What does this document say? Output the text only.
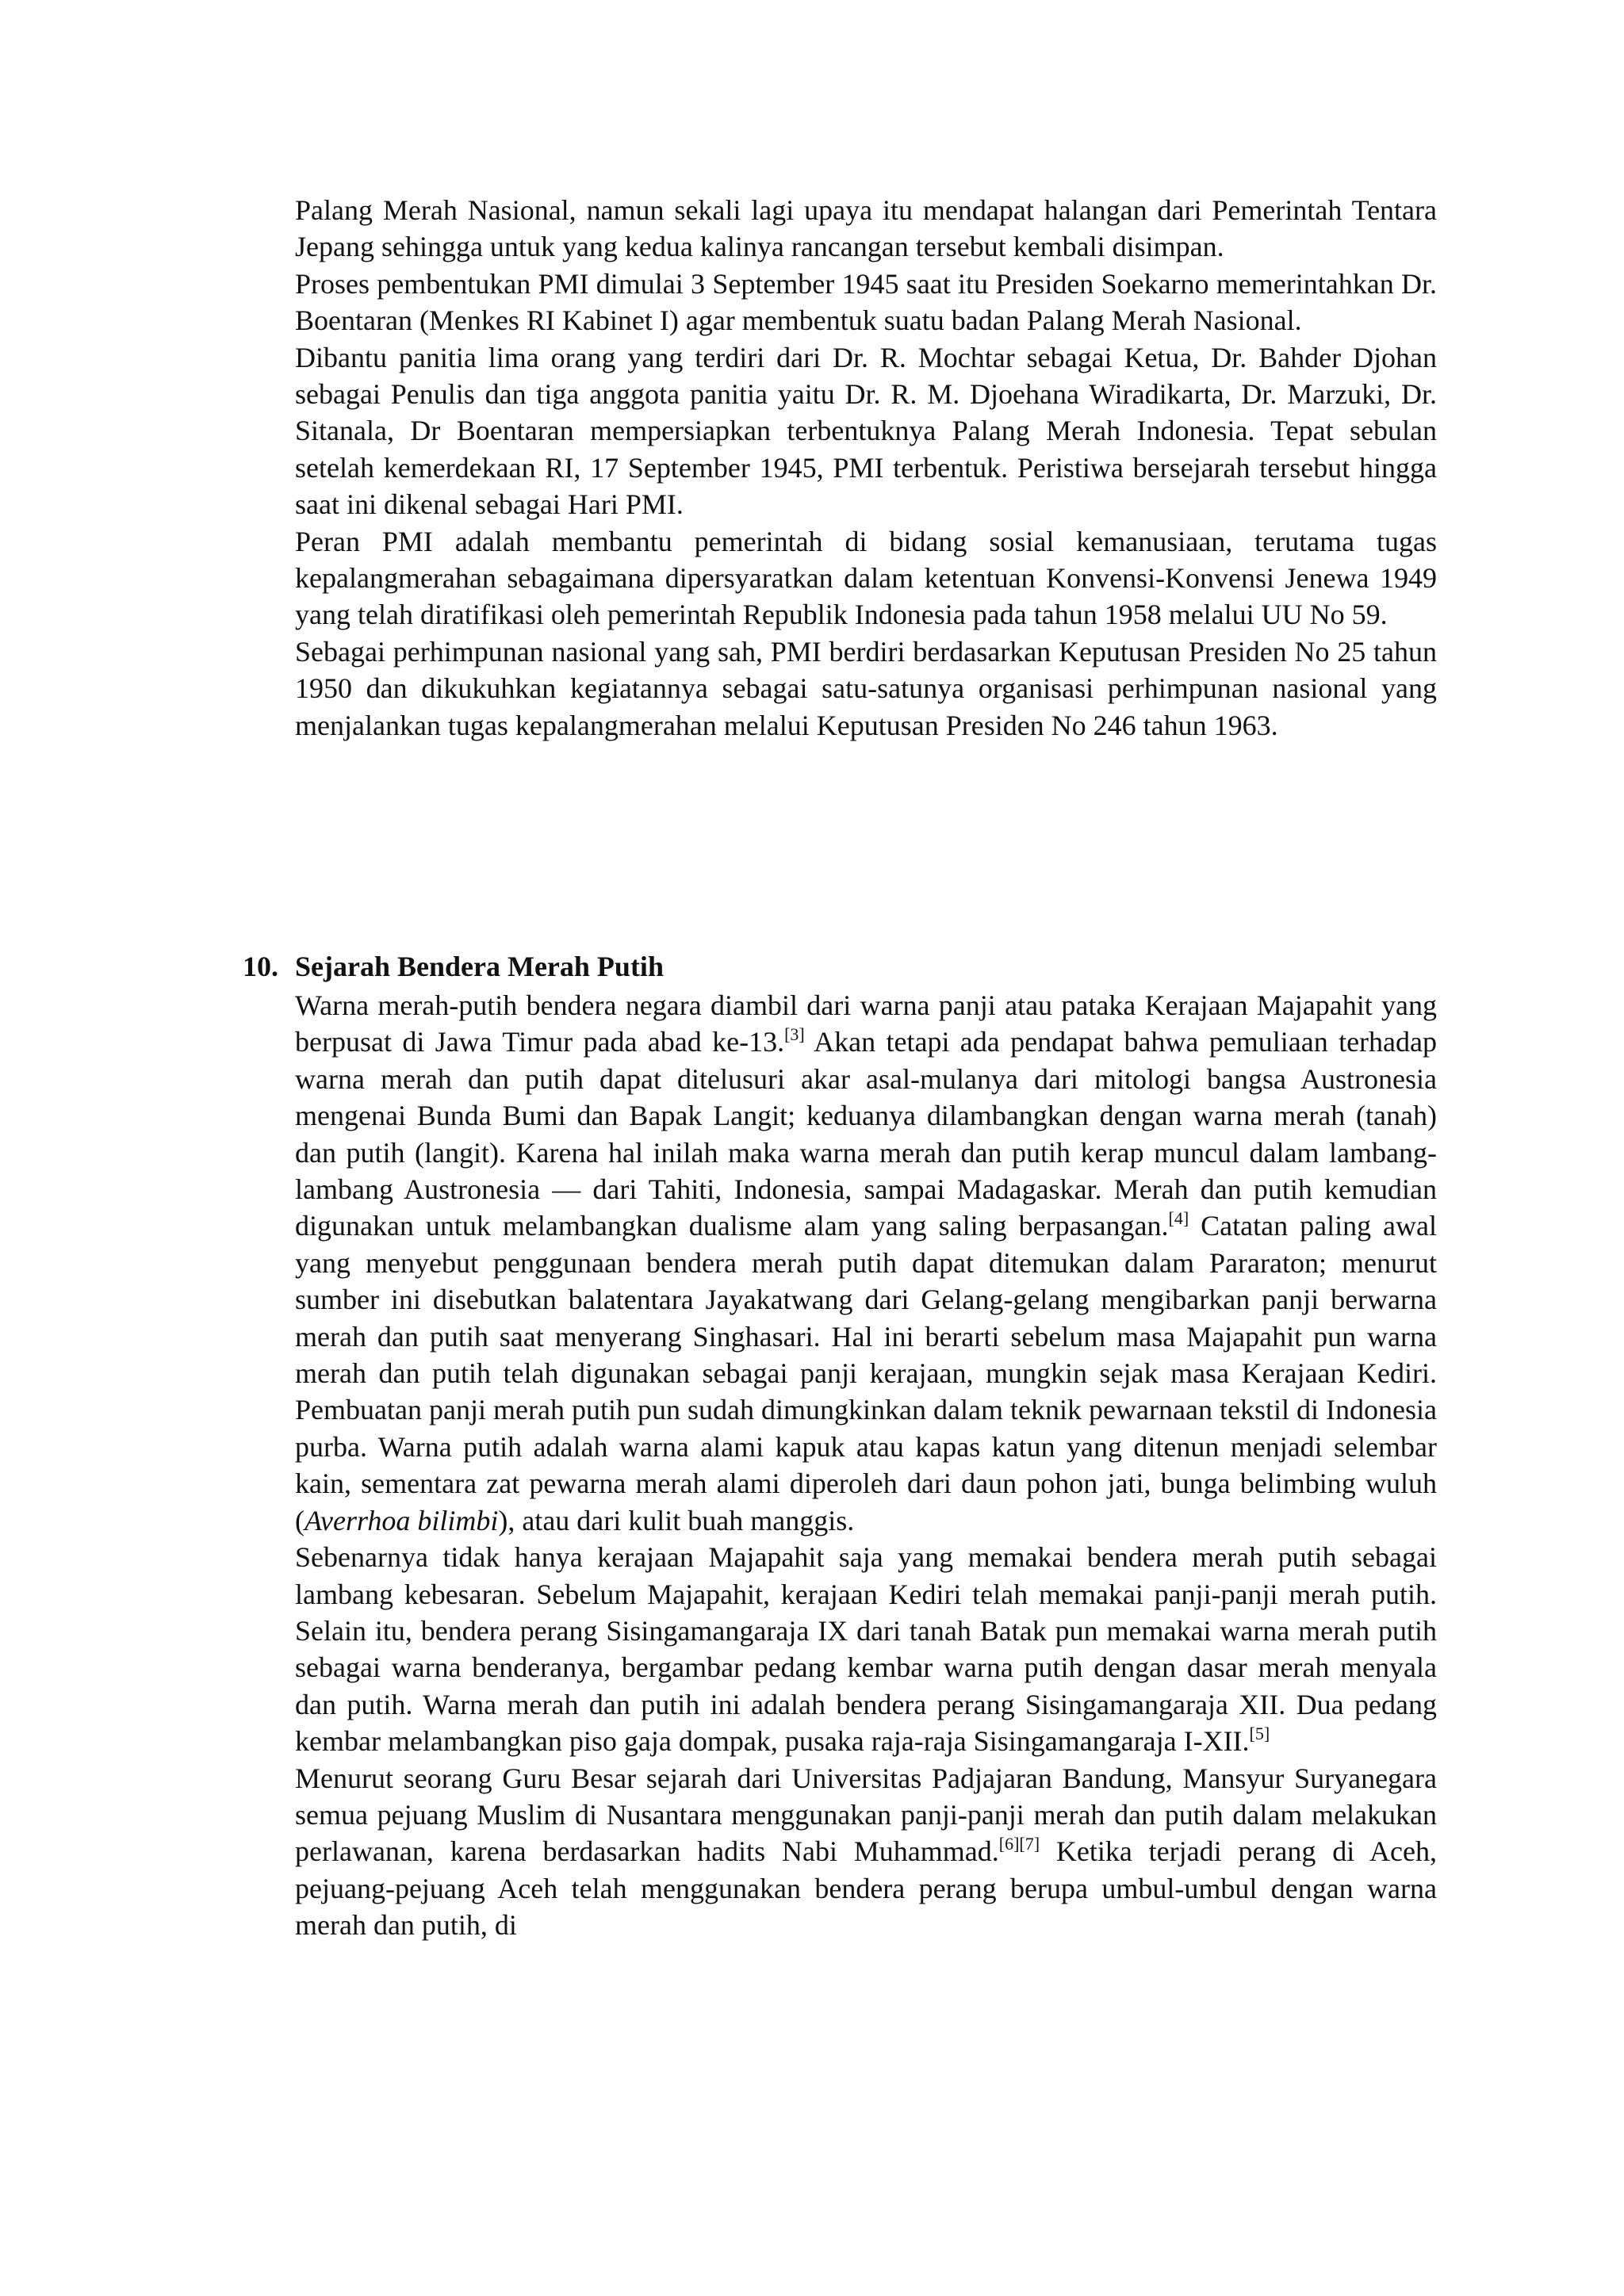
Palang Merah Nasional, namun sekali lagi upaya itu mendapat halangan dari Pemerintah Tentara Jepang sehingga untuk yang kedua kalinya rancangan tersebut kembali disimpan.

Proses pembentukan PMI dimulai 3 September 1945 saat itu Presiden Soekarno memerintahkan Dr. Boentaran (Menkes RI Kabinet I) agar membentuk suatu badan Palang Merah Nasional.

Dibantu panitia lima orang yang terdiri dari Dr. R. Mochtar sebagai Ketua, Dr. Bahder Djohan sebagai Penulis dan tiga anggota panitia yaitu Dr. R. M. Djoehana Wiradikarta, Dr. Marzuki, Dr. Sitanala, Dr Boentaran mempersiapkan terbentuknya Palang Merah Indonesia. Tepat sebulan setelah kemerdekaan RI, 17 September 1945, PMI terbentuk. Peristiwa bersejarah tersebut hingga saat ini dikenal sebagai Hari PMI.

Peran PMI adalah membantu pemerintah di bidang sosial kemanusiaan, terutama tugas kepalangmerahan sebagaimana dipersyaratkan dalam ketentuan Konvensi-Konvensi Jenewa 1949 yang telah diratifikasi oleh pemerintah Republik Indonesia pada tahun 1958 melalui UU No 59.

Sebagai perhimpunan nasional yang sah, PMI berdiri berdasarkan Keputusan Presiden No 25 tahun 1950 dan dikukuhkan kegiatannya sebagai satu-satunya organisasi perhimpunan nasional yang menjalankan tugas kepalangmerahan melalui Keputusan Presiden No 246 tahun 1963.

10. Sejarah Bendera Merah Putih

Warna merah-putih bendera negara diambil dari warna panji atau pataka Kerajaan Majapahit yang berpusat di Jawa Timur pada abad ke-13.[3] Akan tetapi ada pendapat bahwa pemuliaan terhadap warna merah dan putih dapat ditelusuri akar asal-mulanya dari mitologi bangsa Austronesia mengenai Bunda Bumi dan Bapak Langit; keduanya dilambangkan dengan warna merah (tanah) dan putih (langit). Karena hal inilah maka warna merah dan putih kerap muncul dalam lambang-lambang Austronesia — dari Tahiti, Indonesia, sampai Madagaskar. Merah dan putih kemudian digunakan untuk melambangkan dualisme alam yang saling berpasangan.[4] Catatan paling awal yang menyebut penggunaan bendera merah putih dapat ditemukan dalam Pararaton; menurut sumber ini disebutkan balatentara Jayakatwang dari Gelang-gelang mengibarkan panji berwarna merah dan putih saat menyerang Singhasari. Hal ini berarti sebelum masa Majapahit pun warna merah dan putih telah digunakan sebagai panji kerajaan, mungkin sejak masa Kerajaan Kediri. Pembuatan panji merah putih pun sudah dimungkinkan dalam teknik pewarnaan tekstil di Indonesia purba. Warna putih adalah warna alami kapuk atau kapas katun yang ditenun menjadi selembar kain, sementara zat pewarna merah alami diperoleh dari daun pohon jati, bunga belimbing wuluh (Averrhoa bilimbi), atau dari kulit buah manggis.

Sebenarnya tidak hanya kerajaan Majapahit saja yang memakai bendera merah putih sebagai lambang kebesaran. Sebelum Majapahit, kerajaan Kediri telah memakai panji-panji merah putih. Selain itu, bendera perang Sisingamangaraja IX dari tanah Batak pun memakai warna merah putih sebagai warna benderanya, bergambar pedang kembar warna putih dengan dasar merah menyala dan putih. Warna merah dan putih ini adalah bendera perang Sisingamangaraja XII. Dua pedang kembar melambangkan piso gaja dompak, pusaka raja-raja Sisingamangaraja I-XII.[5]

Menurut seorang Guru Besar sejarah dari Universitas Padjajaran Bandung, Mansyur Suryanegara semua pejuang Muslim di Nusantara menggunakan panji-panji merah dan putih dalam melakukan perlawanan, karena berdasarkan hadits Nabi Muhammad.[6][7] Ketika terjadi perang di Aceh, pejuang-pejuang Aceh telah menggunakan bendera perang berupa umbul-umbul dengan warna merah dan putih, di
